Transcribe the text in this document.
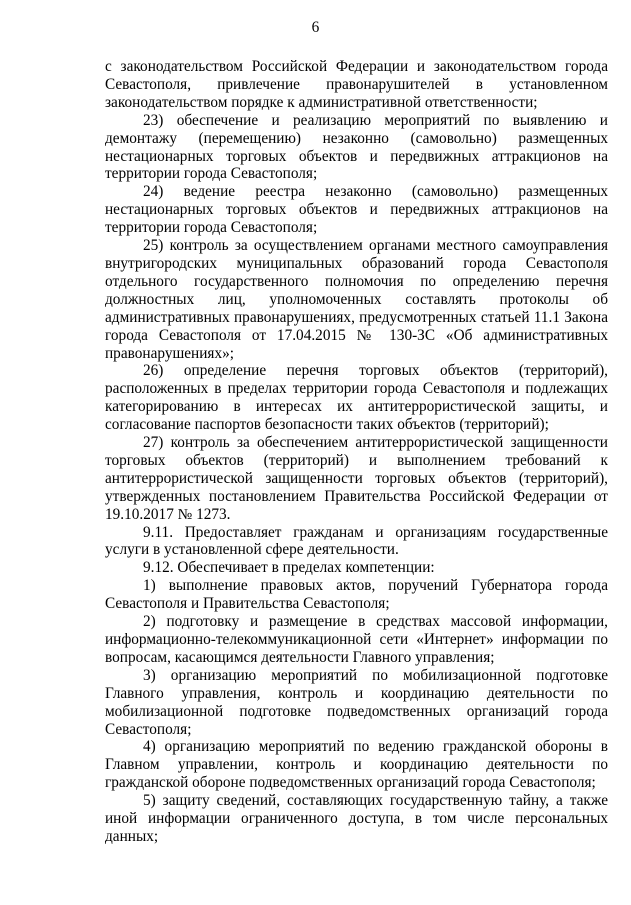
6

с законодательством Российской Федерации и законодательством города Севастополя, привлечение правонарушителей в установленном законодательством порядке к административной ответственности;

23) обеспечение и реализацию мероприятий по выявлению и демонтажу (перемещению) незаконно (самовольно) размещенных нестационарных торговых объектов и передвижных аттракционов на территории города Севастополя;

24) ведение реестра незаконно (самовольно) размещенных нестационарных торговых объектов и передвижных аттракционов на территории города Севастополя;

25) контроль за осуществлением органами местного самоуправления внутригородских муниципальных образований города Севастополя отдельного государственного полномочия по определению перечня должностных лиц, уполномоченных составлять протоколы об административных правонарушениях, предусмотренных статьей 11.1 Закона города Севастополя от 17.04.2015 № 130-ЗС «Об административных правонарушениях»;

26) определение перечня торговых объектов (территорий), расположенных в пределах территории города Севастополя и подлежащих категорированию в интересах их антитеррористической защиты, и согласование паспортов безопасности таких объектов (территорий);

27) контроль за обеспечением антитеррористической защищенности торговых объектов (территорий) и выполнением требований к антитеррористической защищенности торговых объектов (территорий), утвержденных постановлением Правительства Российской Федерации от 19.10.2017 № 1273.

9.11. Предоставляет гражданам и организациям государственные услуги в установленной сфере деятельности.

9.12. Обеспечивает в пределах компетенции:

1) выполнение правовых актов, поручений Губернатора города Севастополя и Правительства Севастополя;

2) подготовку и размещение в средствах массовой информации, информационно-телекоммуникационной сети «Интернет» информации по вопросам, касающимся деятельности Главного управления;

3) организацию мероприятий по мобилизационной подготовке Главного управления, контроль и координацию деятельности по мобилизационной подготовке подведомственных организаций города Севастополя;

4) организацию мероприятий по ведению гражданской обороны в Главном управлении, контроль и координацию деятельности по гражданской обороне подведомственных организаций города Севастополя;

5) защиту сведений, составляющих государственную тайну, а также иной информации ограниченного доступа, в том числе персональных данных;
